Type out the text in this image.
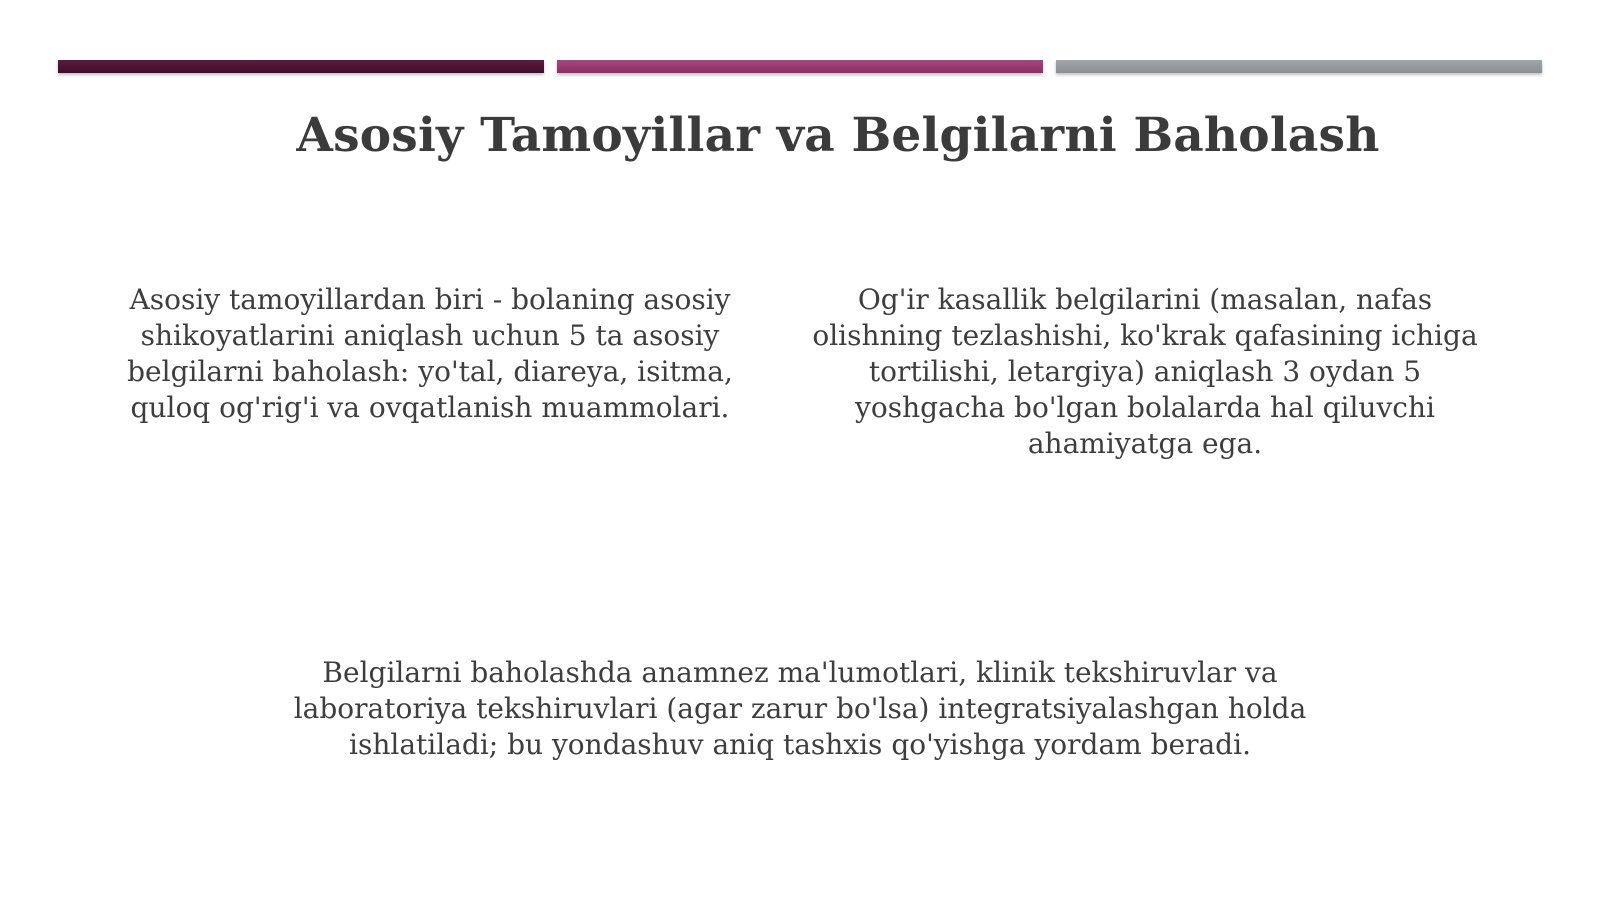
Asosiy Tamoyillar va Belgilarni Baholash
Asosiy tamoyillardan biri - bolaning asosiy shikoyatlarini aniqlash uchun 5 ta asosiy belgilarni baholash: yo'tal, diareya, isitma, quloq og'rig'i va ovqatlanish muammolari.
Og'ir kasallik belgilarini (masalan, nafas olishning tezlashishi, ko'krak qafasining ichiga tortilishi, letargiya) aniqlash 3 oydan 5 yoshgacha bo'lgan bolalarda hal qiluvchi ahamiyatga ega.
Belgilarni baholashda anamnez ma'lumotlari, klinik tekshiruvlar va laboratoriya tekshiruvlari (agar zarur bo'lsa) integratsiyalashgan holda ishlatiladi; bu yondashuv aniq tashxis qo'yishga yordam beradi.
